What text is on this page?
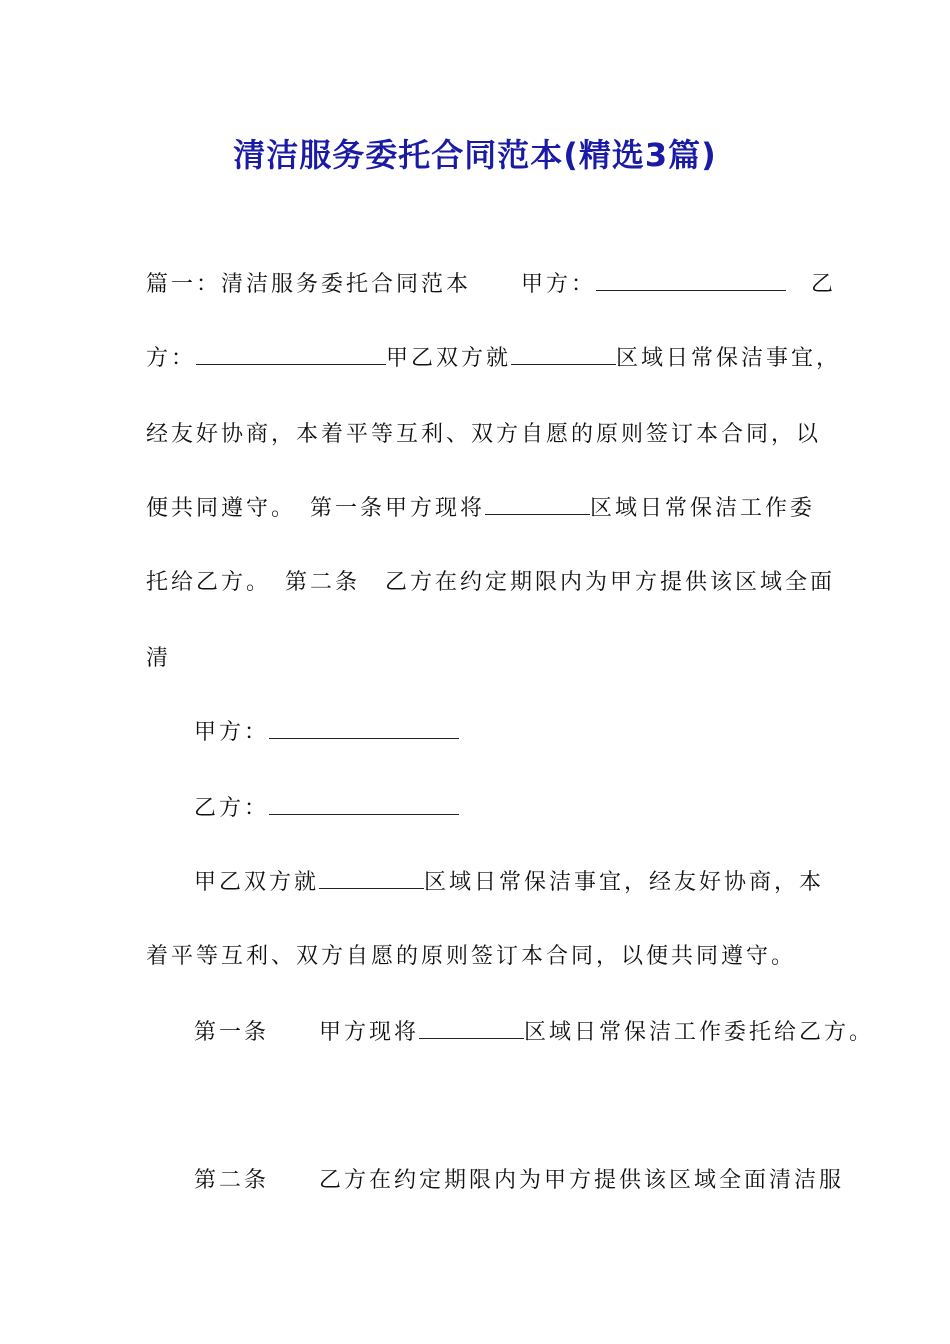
清洁服务委托合同范本(精选3篇)
篇一：清洁服务委托合同范本　　甲方：	　乙
方：	甲乙双方就	区域日常保洁事宜，
经友好协商，本着平等互利、双方自愿的原则签订本合同，以
便共同遵守。　第一条甲方现将	区域日常保洁工作委
托给乙方。　第二条　乙方在约定期限内为甲方提供该区域全面
清
甲方：
乙方：
甲乙双方就	区域日常保洁事宜，经友好协商，本
着平等互利、双方自愿的原则签订本合同，以便共同遵守。
第一条　　甲方现将	区域日常保洁工作委托给乙方。
第二条　　乙方在约定期限内为甲方提供该区域全面清洁服
